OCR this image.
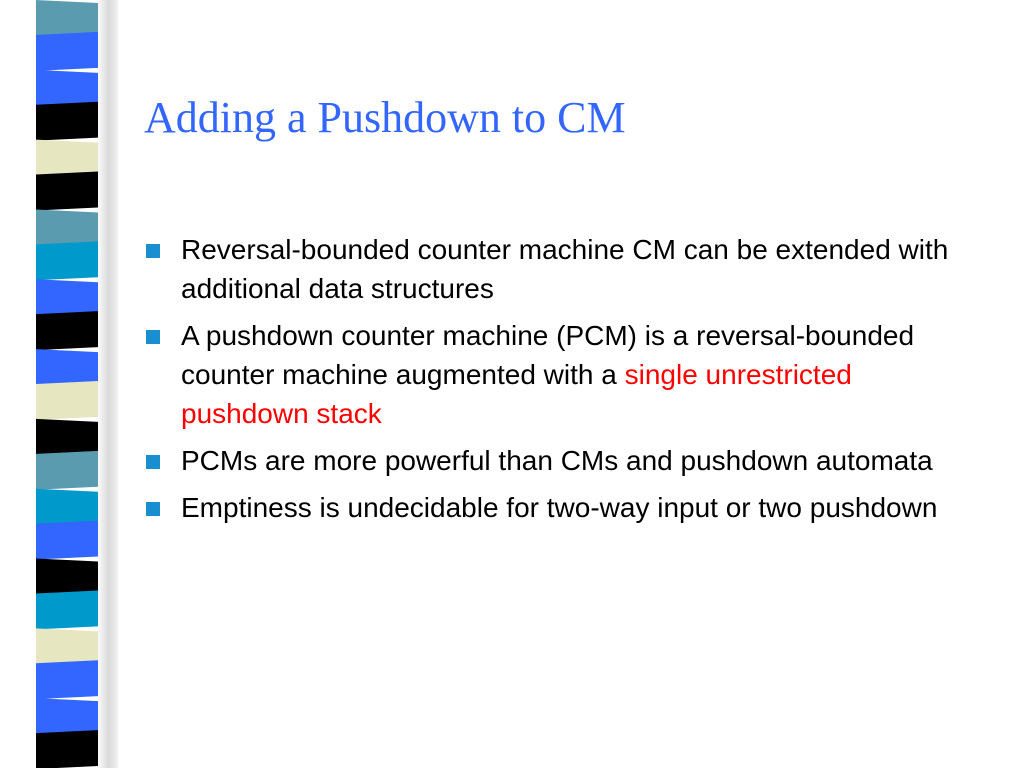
Adding a Pushdown to CM
Reversal-bounded counter machine CM can be extended with additional data structures
A pushdown counter machine (PCM) is a reversal-bounded counter machine augmented with a single unrestricted pushdown stack
PCMs are more powerful than CMs and pushdown automata
Emptiness is undecidable for two-way input or two pushdown
